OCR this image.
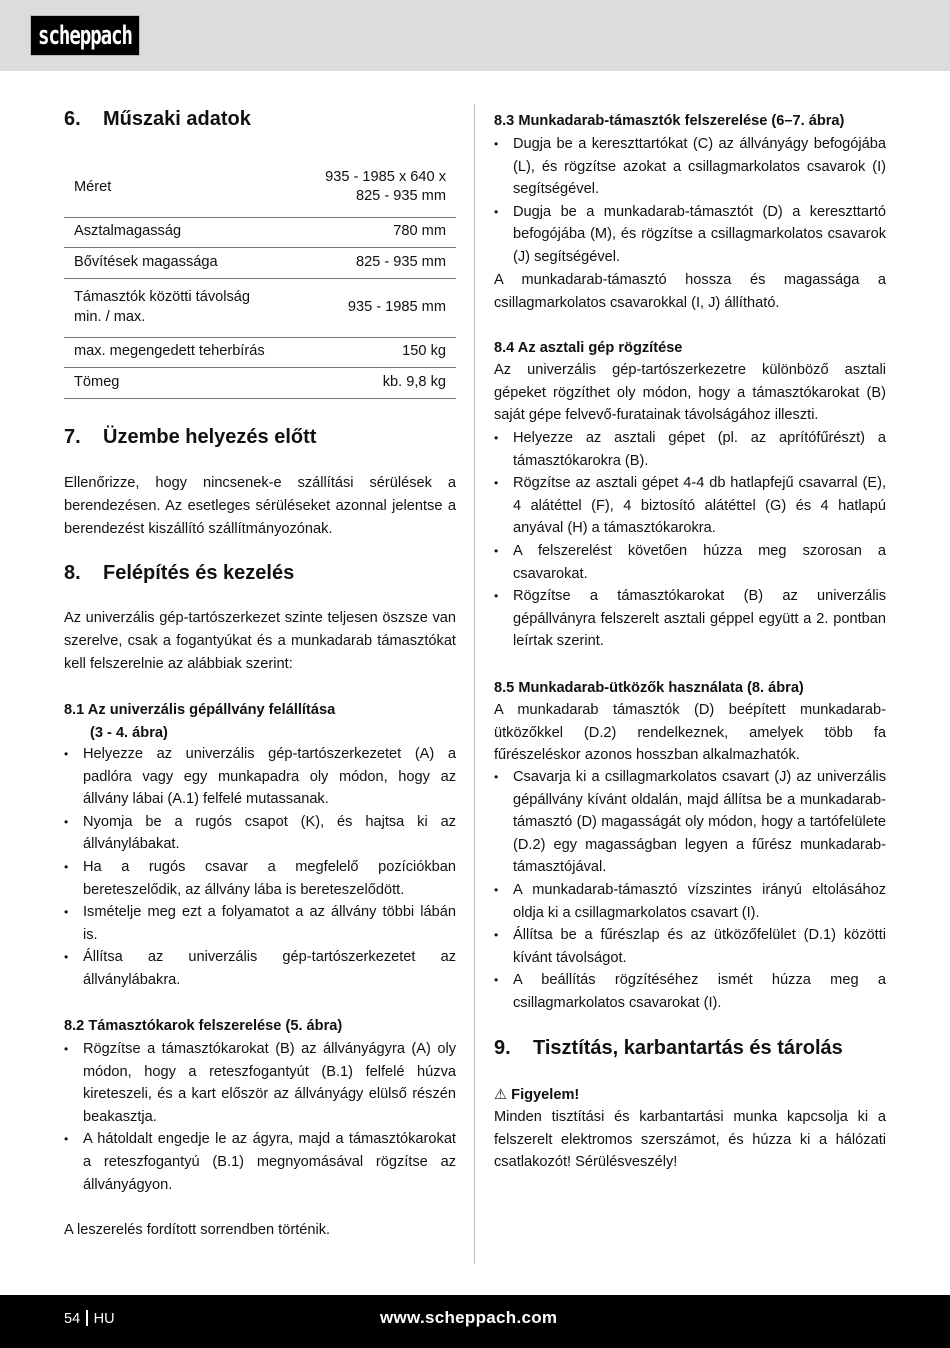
scheppach
6.	Műszaki adatok
Méret	935 - 1985 x 640 x
825 - 935 mm

Asztalmagasság	780 mm
Bővítések magassága	825 - 935 mm

Támasztók közötti távolság
min. / max.	935 - 1985 mm
max. megengedett teherbírás	150 kg
Tömeg	kb. 9,8 kg
7.	Üzembe helyezés előtt

Ellenőrizze, hogy nincsenek-e szállítási sérülések a berendezésen. Az esetleges sérüléseket azonnal jelentse a berendezést kiszállító szállítmányozónak.

8.	Felépítés és kezelés

Az univerzális gép-tartószerkezet szinte teljesen öszsze van szerelve, csak a fogantyúkat és a munkadarab támasztókat kell felszerelnie az alábbiak szerint:

8.1 Az univerzális gépállvány felállítása
(3 - 4. ábra)
• Helyezze az univerzális gép-tartószerkezetet (A) a padlóra vagy egy munkapadra oly módon, hogy az állvány lábai (A.1) felfelé mutassanak.
• Nyomja be a rugós csapot (K), és hajtsa ki az állványlábakat.
• Ha a rugós csavar a megfelelő pozíciókban bereteszelődik, az állvány lába is bereteszelődött.
• Ismételje meg ezt a folyamatot a az állvány többi lábán is.
• Állítsa az univerzális gép-tartószerkezetet az állványlábakra.
8.2 Támasztókarok felszerelése (5. ábra)
• Rögzítse a támasztókarokat (B) az állványágyra (A) oly módon, hogy a reteszfogantyút (B.1) felfelé húzva kireteszeli, és a kart először az állványágy elülső részén beakasztja.
• A hátoldalt engedje le az ágyra, majd a támasztókarokat a reteszfogantyú (B.1) megnyomásával rögzítse az állványágyon.

A leszerelés fordított sorrendben történik.

8.3 Munkadarab-támasztók felszerelése (6–7. ábra)
• Dugja be a kereszttartókat (C) az állványágy befogójába (L), és rögzítse azokat a csillagmarkolatos csavarok (I) segítségével.
• Dugja be a munkadarab-támasztót (D) a kereszttartó befogójába (M), és rögzítse a csillagmarkolatos csavarok (J) segítségével.

A munkadarab-támasztó hossza és magassága a csillagmarkolatos csavarokkal (I, J) állítható.

8.4 Az asztali gép rögzítése

Az univerzális gép-tartószerkezetre különböző asztali gépeket rögzíthet oly módon, hogy a támasztókarokat (B) saját gépe felvevő-furatainak távolságához illeszti.

• Helyezze az asztali gépet (pl. az aprítófűrészt) a támasztókarokra (B).
• Rögzítse az asztali gépet 4-4 db hatlapfejű csavarral (E), 4 alátéttel (F), 4 biztosító alátéttel (G) és 4 hatlapú anyával (H) a támasztókarokra.
• A felszerelést követően húzza meg szorosan a csavarokat.
• Rögzítse a támasztókarokat (B) az univerzális gépállványra felszerelt asztali géppel együtt a 2. pontban leírtak szerint.
8.5 Munkadarab-ütközők használata (8. ábra)

A munkadarab támasztók (D) beépített munkadarab-ütközőkkel (D.2) rendelkeznek, amelyek több fa fűrészeléskor azonos hosszban alkalmazhatók.

• Csavarja ki a csillagmarkolatos csavart (J) az univerzális gépállvány kívánt oldalán, majd állítsa be a munkadarab-támasztó (D) magasságát oly módon, hogy a tartófelülete (D.2) egy magasságban legyen a fűrész munkadarab-támasztójával.
• A munkadarab-támasztó vízszintes irányú eltolásához oldja ki a csillagmarkolatos csavart (I).
• Állítsa be a fűrészlap és az ütközőfelület (D.1) közötti kívánt távolságot.
• A beállítás rögzítéséhez ismét húzza meg a csillagmarkolatos csavarokat (I).
9.	Tisztítás, karbantartás és tárolás
⚠ Figyelem!

Minden tisztítási és karbantartási munka kapcsolja ki a felszerelt elektromos szerszámot, és húzza ki a hálózati csatlakozót! Sérülésveszély!

54 HU	www.scheppach.com
